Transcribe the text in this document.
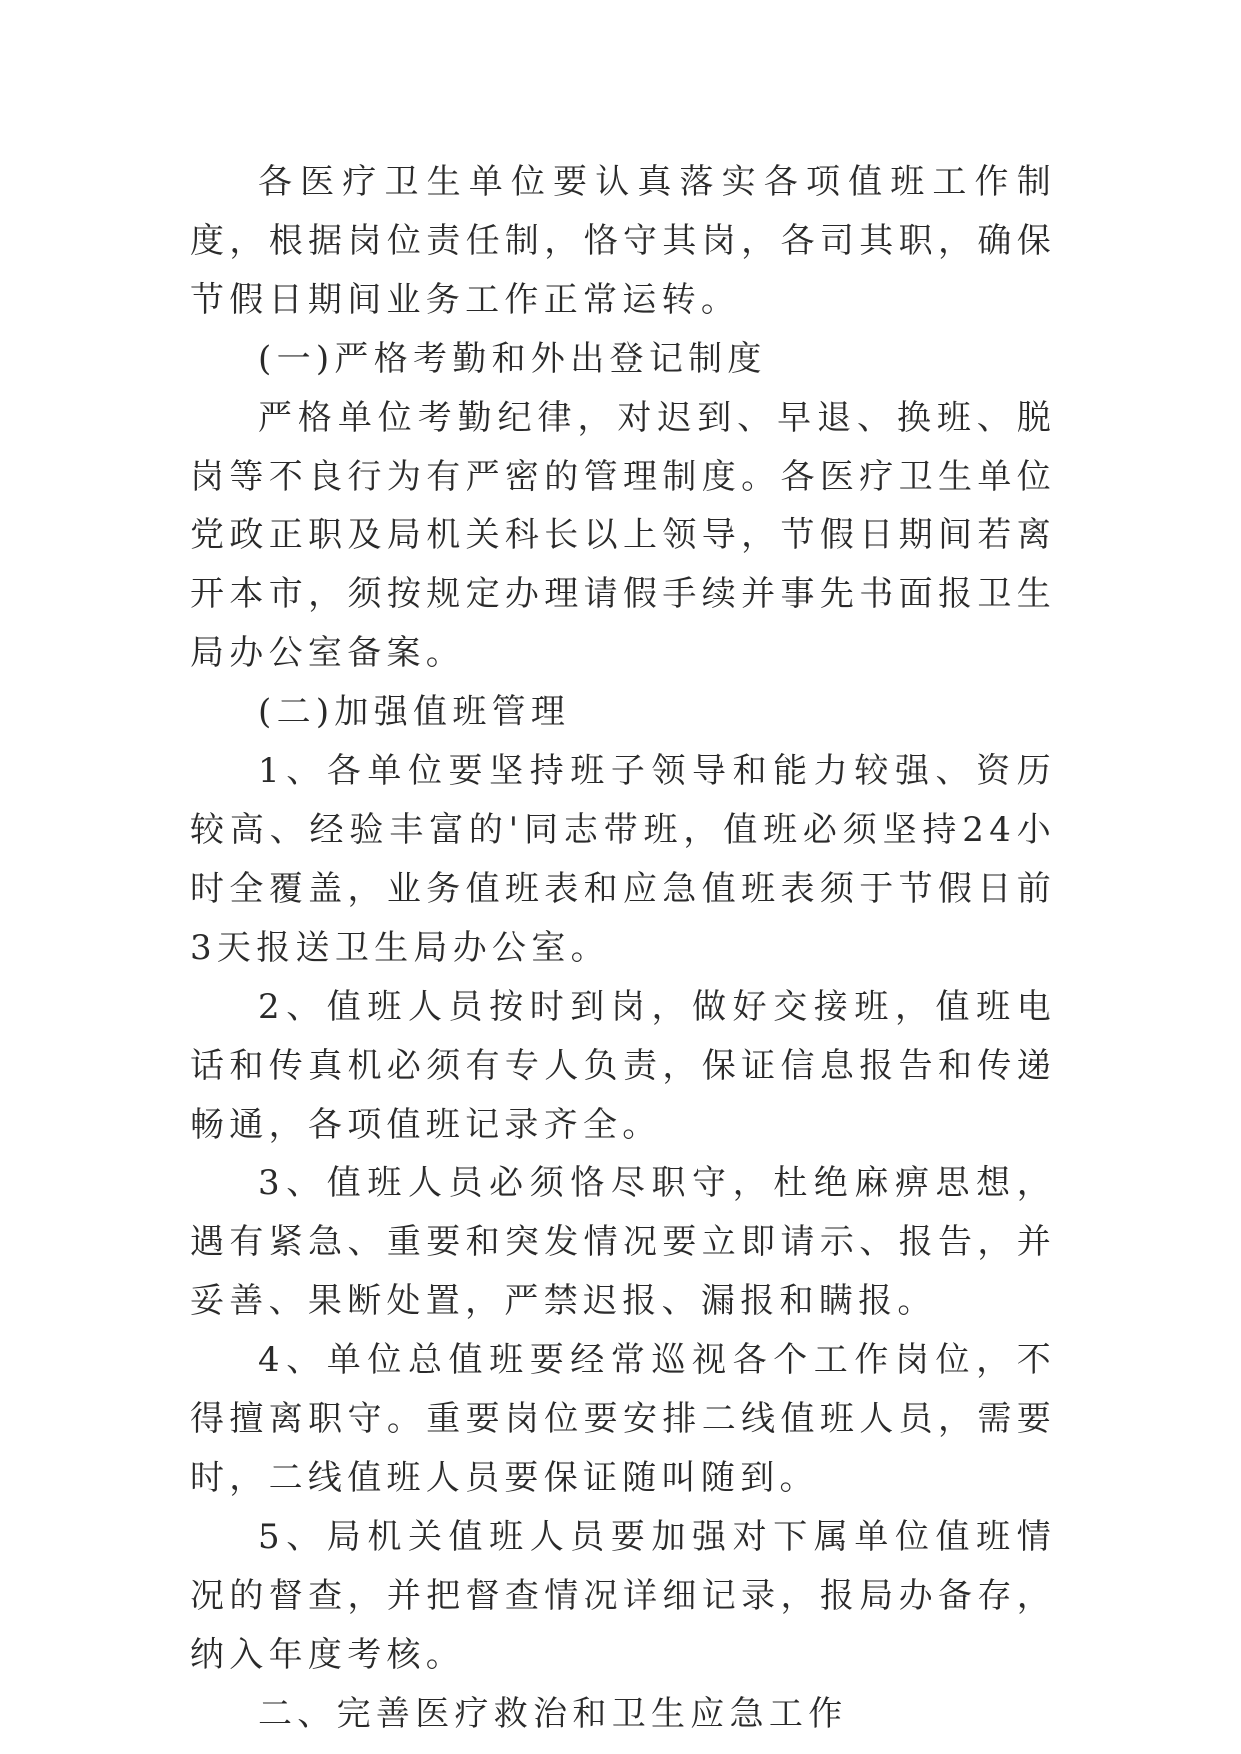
各医疗卫生单位要认真落实各项值班工作制度，根据岗位责任制，恪守其岗，各司其职，确保节假日期间业务工作正常运转。

(一)严格考勤和外出登记制度

严格单位考勤纪律，对迟到、早退、换班、脱岗等不良行为有严密的管理制度。各医疗卫生单位党政正职及局机关科长以上领导，节假日期间若离开本市，须按规定办理请假手续并事先书面报卫生局办公室备案。

(二)加强值班管理

1、各单位要坚持班子领导和能力较强、资历较高、经验丰富的'同志带班，值班必须坚持24小时全覆盖，业务值班表和应急值班表须于节假日前3天报送卫生局办公室。

2、值班人员按时到岗，做好交接班，值班电话和传真机必须有专人负责，保证信息报告和传递畅通，各项值班记录齐全。

3、值班人员必须恪尽职守，杜绝麻痹思想，遇有紧急、重要和突发情况要立即请示、报告，并妥善、果断处置，严禁迟报、漏报和瞒报。

4、单位总值班要经常巡视各个工作岗位，不得擅离职守。重要岗位要安排二线值班人员，需要时，二线值班人员要保证随叫随到。

5、局机关值班人员要加强对下属单位值班情况的督查，并把督查情况详细记录，报局办备存，纳入年度考核。

二、完善医疗救治和卫生应急工作
